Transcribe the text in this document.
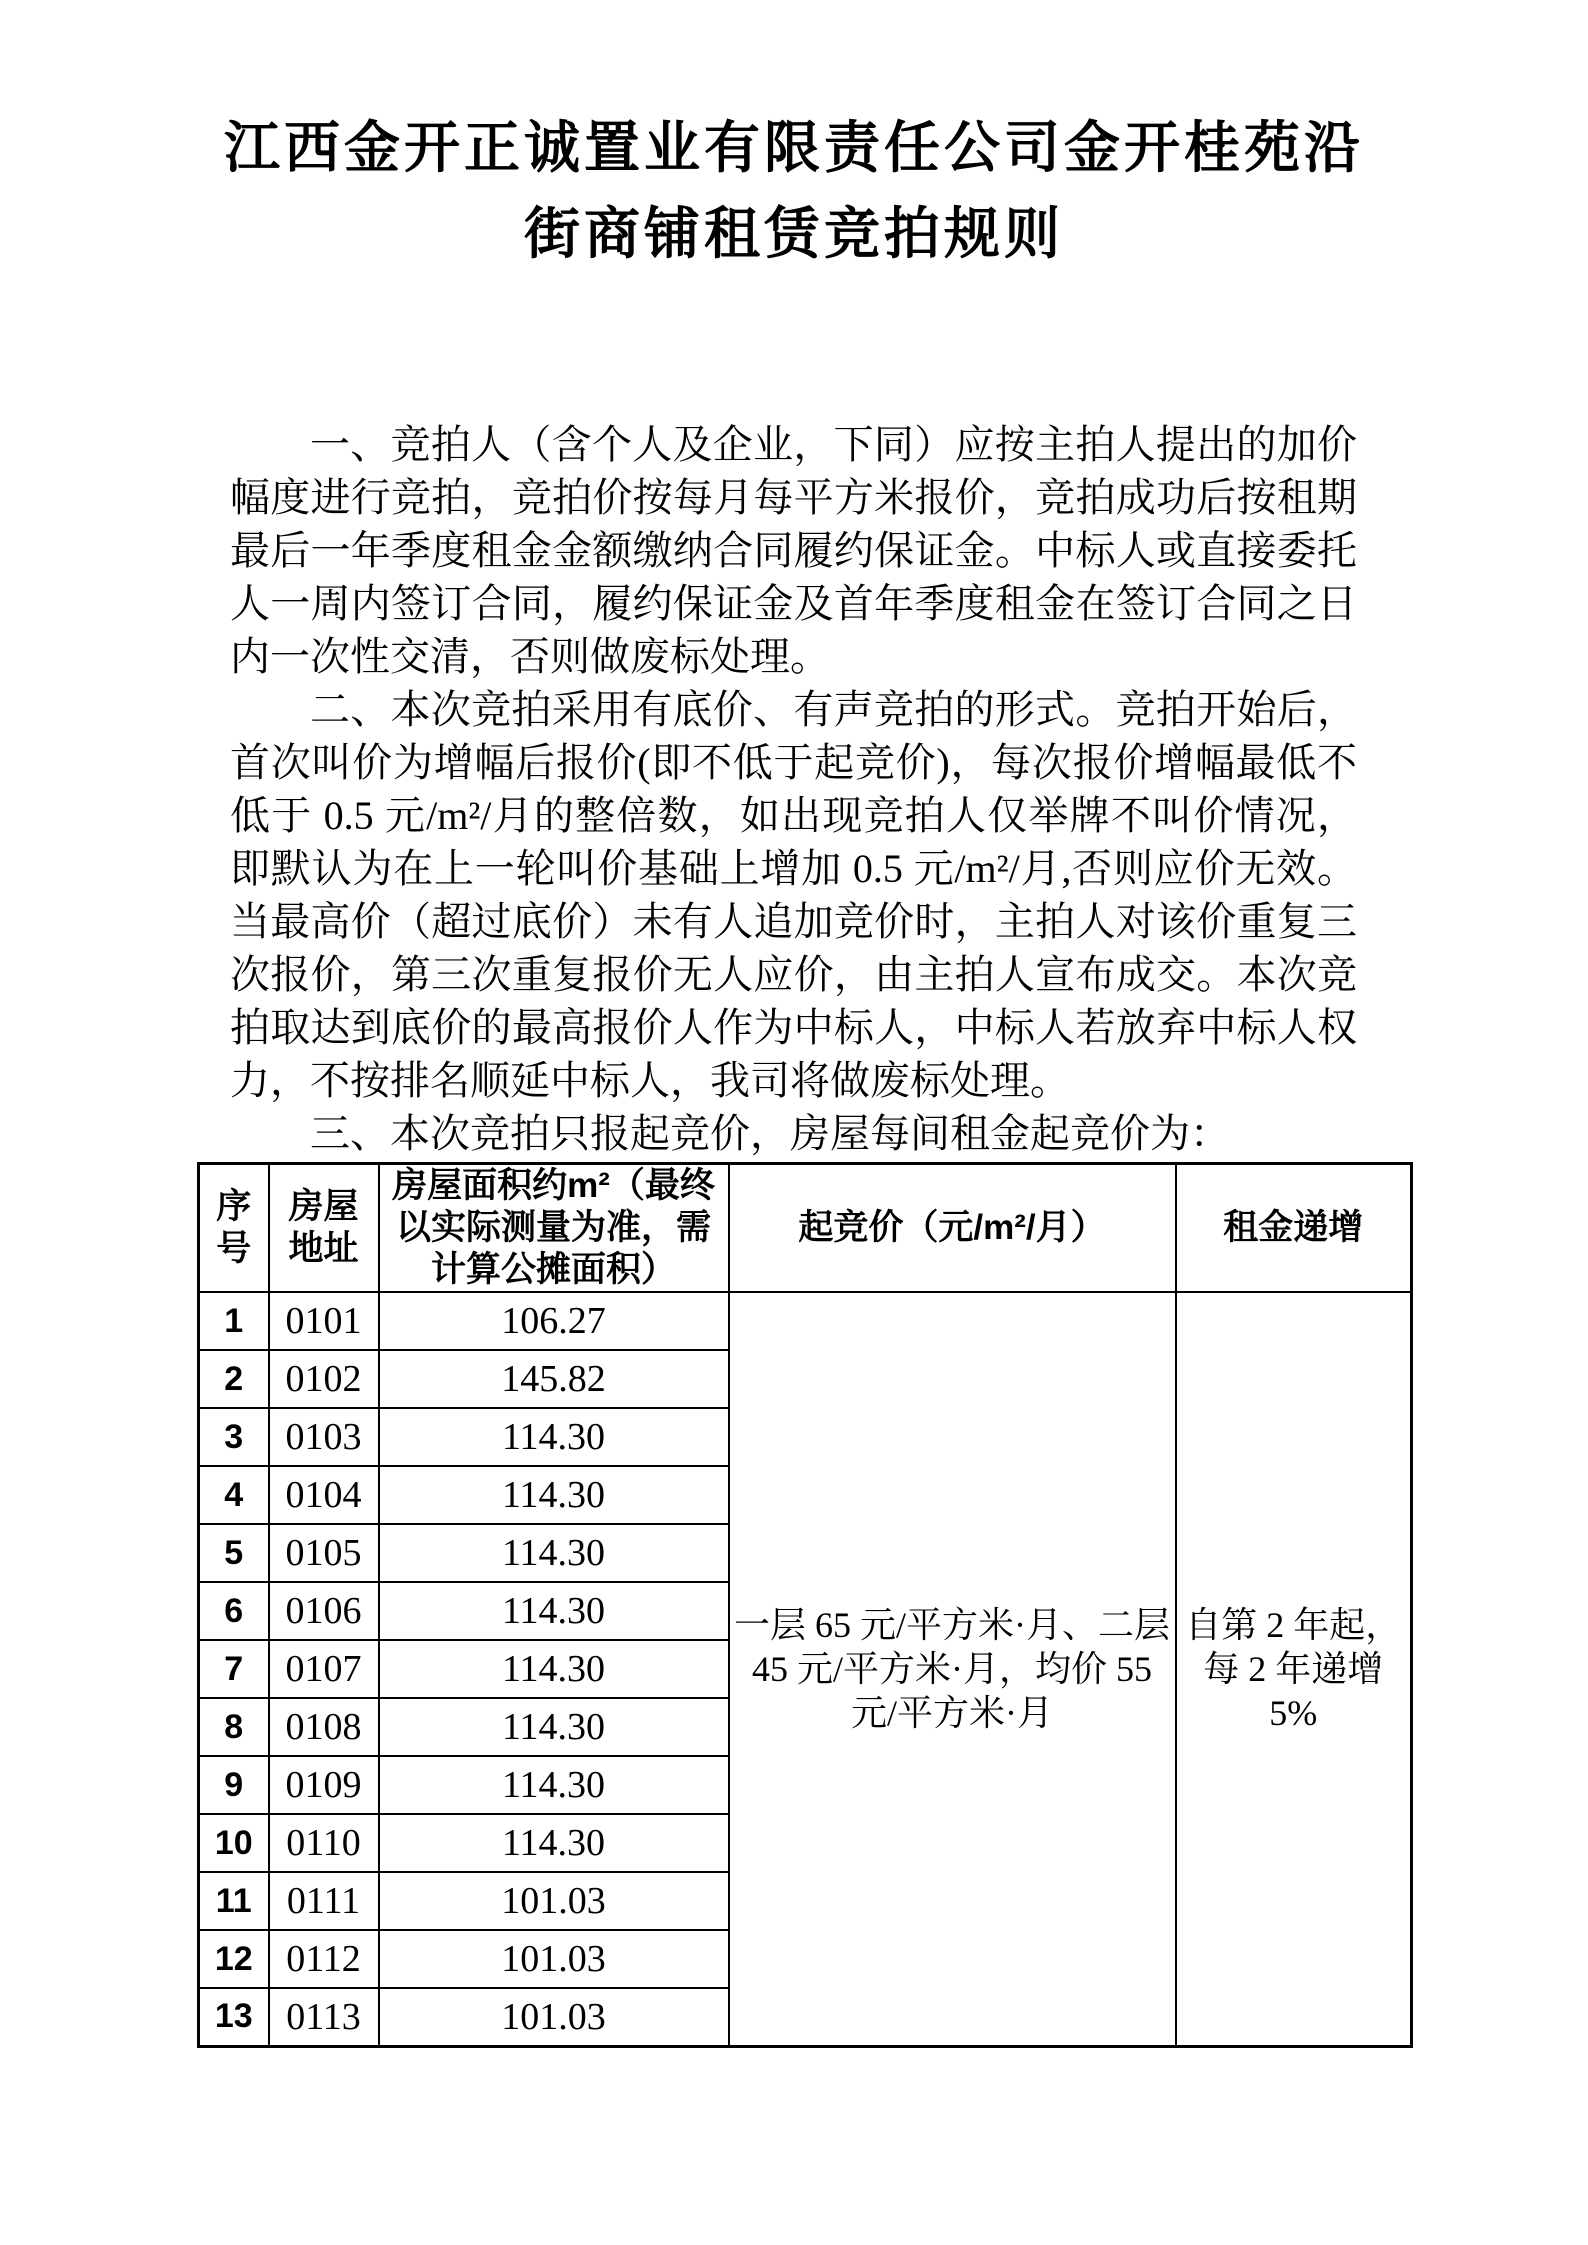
江西金开正诚置业有限责任公司金开桂苑沿
街商铺租赁竞拍规则

一、竞拍人（含个人及企业，下同）应按主拍人提出的加价幅度进行竞拍，竞拍价按每月每平方米报价，竞拍成功后按租期最后一年季度租金金额缴纳合同履约保证金。中标人或直接委托人一周内签订合同，履约保证金及首年季度租金在签订合同之日内一次性交清，否则做废标处理。

二、本次竞拍采用有底价、有声竞拍的形式。竞拍开始后，首次叫价为增幅后报价(即不低于起竞价)，每次报价增幅最低不低于 0.5 元/m²/月的整倍数，如出现竞拍人仅举牌不叫价情况，即默认为在上一轮叫价基础上增加 0.5 元/m²/月,否则应价无效。当最高价（超过底价）未有人追加竞价时，主拍人对该价重复三次报价，第三次重复报价无人应价，由主拍人宣布成交。本次竞拍取达到底价的最高报价人作为中标人，中标人若放弃中标人权力，不按排名顺延中标人，我司将做废标处理。

三、本次竞拍只报起竞价，房屋每间租金起竞价为：

序号	房屋地址	房屋面积约m²（最终以实际测量为准，需计算公摊面积）	起竞价（元/m²/月）	租金递增
1	0101	106.27	一层 65 元/平方米·月、二层 45 元/平方米·月，均价 55 元/平方米·月	自第 2 年起，每 2 年递增 5%
2	0102	145.82		
3	0103	114.30		
4	0104	114.30		
5	0105	114.30		
6	0106	114.30		
7	0107	114.30		
8	0108	114.30		
9	0109	114.30		
10	0110	114.30		
11	0111	101.03		
12	0112	101.03		
13	0113	101.03		
